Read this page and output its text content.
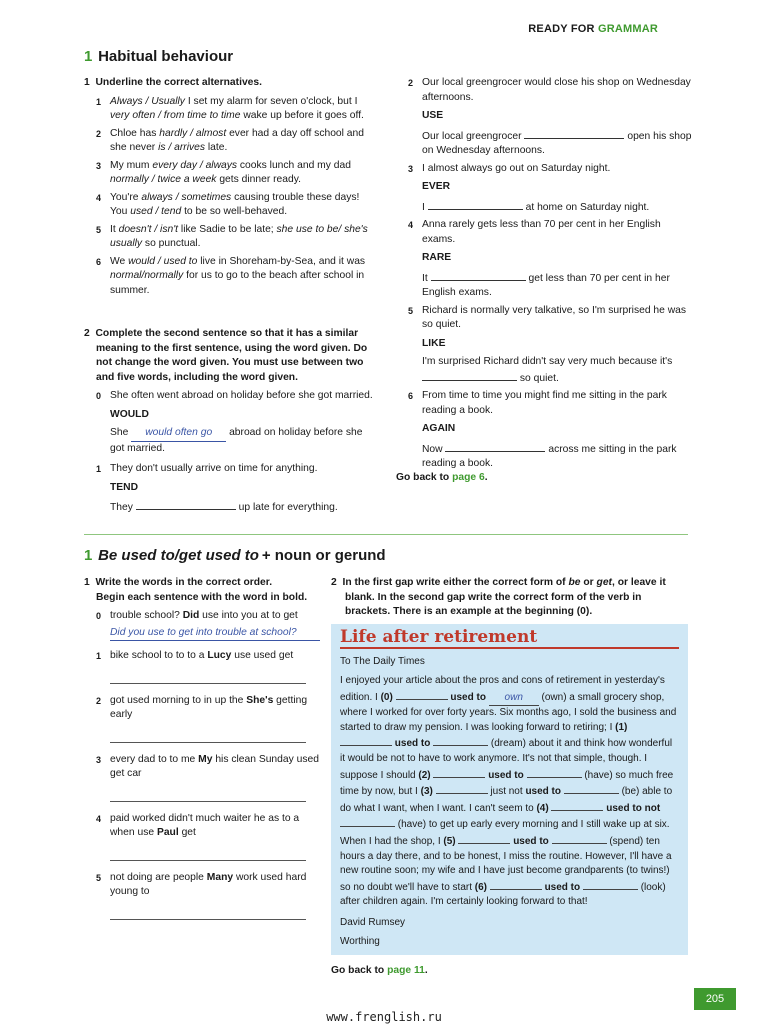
READY FOR GRAMMAR
1 Habitual behaviour
1 Underline the correct alternatives.
1 Always / Usually I set my alarm for seven o'clock, but I very often / from time to time wake up before it goes off.
2 Chloe has hardly / almost ever had a day off school and she never is / arrives late.
3 My mum every day / always cooks lunch and my dad normally / twice a week gets dinner ready.
4 You're always / sometimes causing trouble these days! You used / tend to be so well-behaved.
5 It doesn't / isn't like Sadie to be late; she use to be/ she's usually so punctual.
6 We would / used to live in Shoreham-by-Sea, and it was normal/normally for us to go to the beach after school in summer.
2 Complete the second sentence so that it has a similar meaning to the first sentence, using the word given. Do not change the word given. You must use between two and five words, including the word given.
0 She often went abroad on holiday before she got married.
WOULD
She would often go abroad on holiday before she got married.
1 They don't usually arrive on time for anything.
TEND
They	up late for everything.
2 Our local greengrocer would close his shop on Wednesday afternoons.
USE
Our local greengrocer	open his shop on Wednesday afternoons.
3 I almost always go out on Saturday night.
EVER
I	at home on Saturday night.
4 Anna rarely gets less than 70 per cent in her English exams.
RARE
It	get less than 70 per cent in her English exams.
5 Richard is normally very talkative, so I'm surprised he was so quiet.
LIKE
I'm surprised Richard didn't say very much because it's  so quiet.
6 From time to time you might find me sitting in the park reading a book.
AGAIN
Now	across me sitting in the park reading a book.
Go back to page 6.
1 Be used to/get used to + noun or gerund
1 Write the words in the correct order.
Begin each sentence with the word in bold.
0 trouble school? Did use into you at to get
Did you use to get into trouble at school?
1 bike school to to to a Lucy use used get
2 got used morning to in up the She's getting early
3 every dad to to me My his clean Sunday used get car
4 paid worked didn't much waiter he as to a when use Paul get
5 not doing are people Many work used hard young to
2 In the first gap write either the correct form of be or get, or leave it blank. In the second gap write the correct form of the verb in brackets. There is an example at the beginning (0).
Life after retirement
To The Daily Times
I enjoyed your article about the pros and cons of retirement in yesterday's edition. I (0)	used to own (own) a small grocery shop, where I worked for over forty years. Six months ago, I sold the business and started to draw my pension. I was looking forward to retiring; I (1)  used to	(dream) about it and think how wonderful it would be not to have to work anymore. It's not that simple, though. I suppose I should (2)	used to	(have) so much free time by now, but I (3)	just not used to	(be) able to do what I want, when I want. I can't seem to (4)	used to not  (have) to get up early every morning and I still wake up at six. When I had the shop, I (5)	used to	(spend) ten hours a day there, and to be honest, I miss the routine. However, I'll have a new routine soon; my wife and I have just become grandparents (to twins!) so no doubt we'll have to start (6)	used to	(look) after children again. I'm certainly looking forward to that!
David Rumsey
Worthing
Go back to page 11.
205
www.frenglish.ru
